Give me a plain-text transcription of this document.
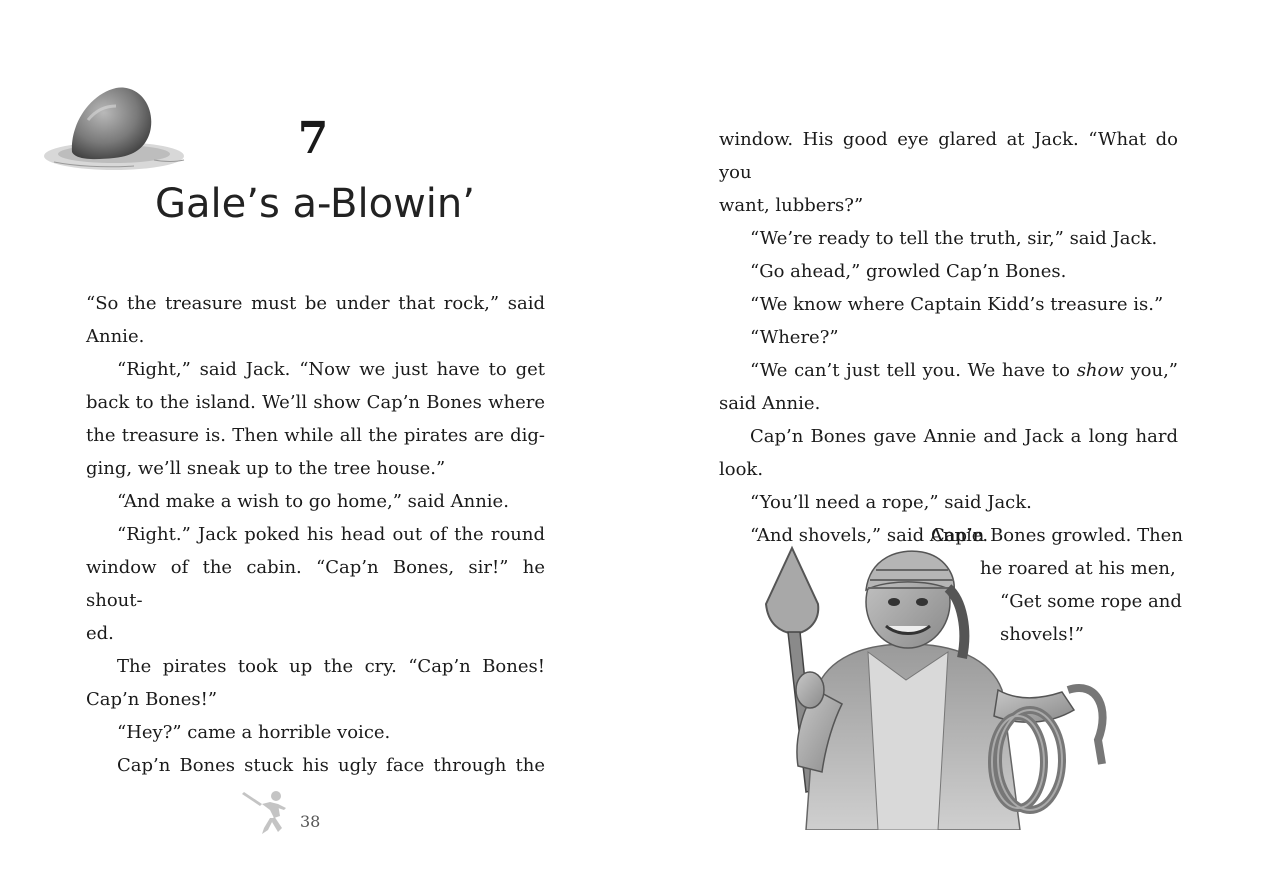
7
Gale’s a-Blowin’

“So the treasure must be under that rock,” said

Annie.

“Right,” said Jack. “Now we just have to get

back to the island. We’ll show Cap’n Bones where

the treasure is. Then while all the pirates are dig-

ging, we’ll sneak up to the tree house.”

“And make a wish to go home,” said Annie.

“Right.” Jack poked his head out of the round

window of the cabin. “Cap’n Bones, sir!” he shout-

ed.

The pirates took up the cry. “Cap’n Bones!

Cap’n Bones!”

“Hey?” came a horrible voice.

Cap’n Bones stuck his ugly face through the

38

window. His good eye glared at Jack. “What do you

want, lubbers?”

“We’re ready to tell the truth, sir,” said Jack.

“Go ahead,” growled Cap’n Bones.

“We know where Captain Kidd’s treasure is.”

“Where?”

“We can’t just tell you. We have to show you,”

said Annie.

Cap’n Bones gave Annie and Jack a long hard

look.

“You’ll need a rope,” said Jack.

“And shovels,” said Annie.

Cap’n Bones growled. Then
he roared at his men,
“Get some rope and
shovels!”
